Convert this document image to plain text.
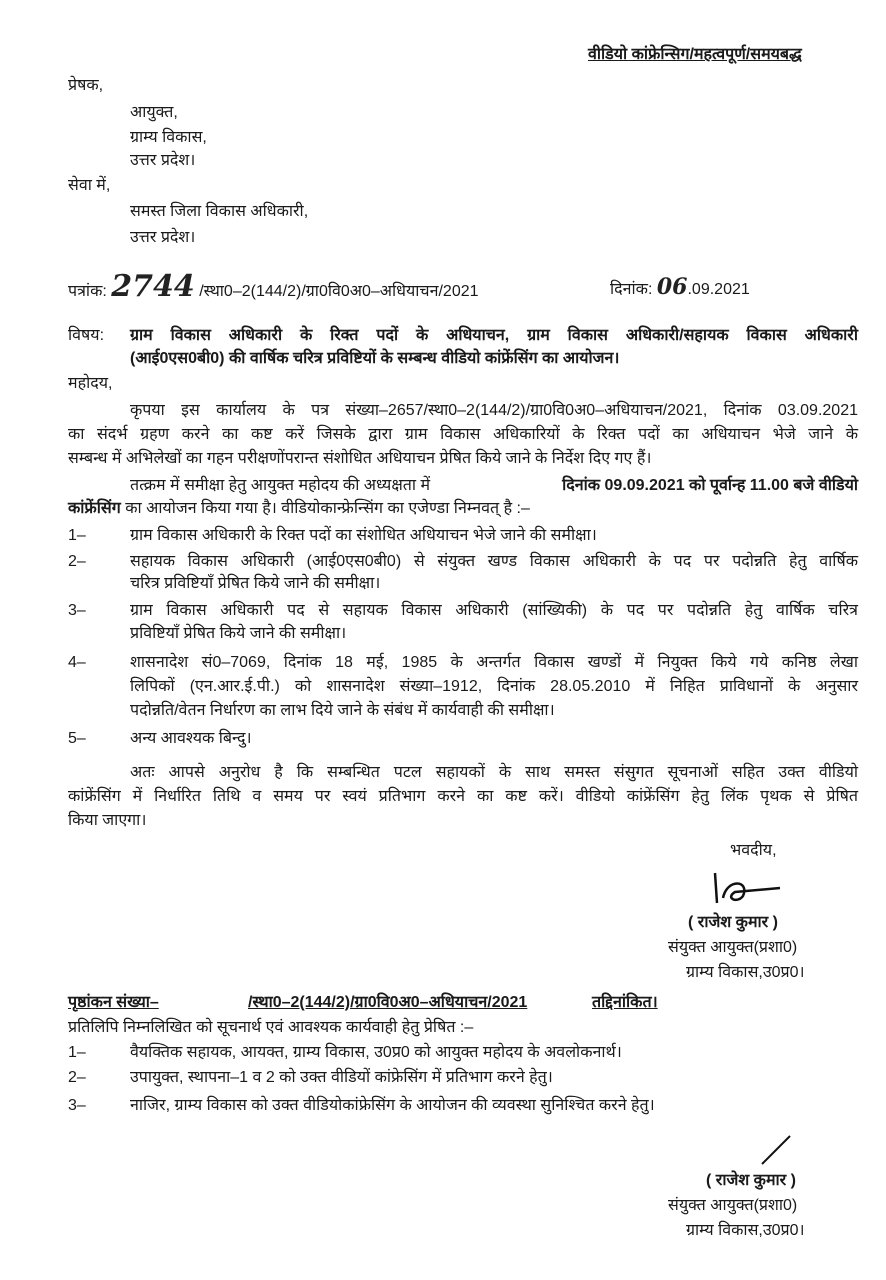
वीडियो कांफ्रेन्सिग/महत्वपूर्ण/समयबद्ध
प्रेषक,
आयुक्त,
ग्राम्य विकास,
उत्तर प्रदेश।
सेवा में,
समस्त जिला विकास अधिकारी,
उत्तर प्रदेश।
पत्रांक: 2744 /स्था0–2(144/2)/ग्रा0वि0अ0–अधियाचन/2021	दिनांक: 06.09.2021
विषय: ग्राम विकास अधिकारी के रिक्त पदों के अधियाचन, ग्राम विकास अधिकारी/सहायक विकास अधिकारी
(आई0एस0बी0) की वार्षिक चरित्र प्रविष्टियों के सम्बन्ध वीडियो कांफ्रेंसिंग का आयोजन।
महोदय,
कृपया इस कार्यालय के पत्र संख्या–2657/स्था0–2(144/2)/ग्रा0वि0अ0–अधियाचन/2021, दिनांक 03.09.2021
का संदर्भ ग्रहण करने का कष्ट करें जिसके द्वारा ग्राम विकास अधिकारियों के रिक्त पदों का अधियाचन भेजे जाने के
सम्बन्ध में अभिलेखों का गहन परीक्षणोंपरान्त संशोधित अधियाचन प्रेषित किये जाने के निर्देश दिए गए हैं।
तत्क्रम में समीक्षा हेतु आयुक्त महोदय की अध्यक्षता में	दिनांक 09.09.2021 को पूर्वान्ह 11.00 बजे वीडियो
कांफ्रेंसिंग का आयोजन किया गया है। वीडियोकान्फ्रेन्सिंग का एजेण्डा निम्नवत् है :–
1–	ग्राम विकास अधिकारी के रिक्त पदों का संशोधित अधियाचन भेजे जाने की समीक्षा।
2–	सहायक विकास अधिकारी (आई0एस0बी0) से संयुक्त खण्ड विकास अधिकारी के पद पर पदोन्नति हेतु वार्षिक
चरित्र प्रविष्टियाँ प्रेषित किये जाने की समीक्षा।
3–	ग्राम विकास अधिकारी पद से सहायक विकास अधिकारी (सांख्यिकी) के पद पर पदोन्नति हेतु वार्षिक चरित्र
प्रविष्टियाँ प्रेषित किये जाने की समीक्षा।
4–	शासनादेश सं0–7069, दिनांक 18 मई, 1985 के अन्तर्गत विकास खण्डों में नियुक्त किये गये कनिष्ठ लेखा
लिपिकों (एन.आर.ई.पी.) को शासनादेश संख्या–1912, दिनांक 28.05.2010 में निहित प्राविधानों के अनुसार
पदोन्नति/वेतन निर्धारण का लाभ दिये जाने के संबंध में कार्यवाही की समीक्षा।
5–	अन्य आवश्यक बिन्दु।
अतः आपसे अनुरोध है कि सम्बन्धित पटल सहायकों के साथ समस्त संसुगत सूचनाओं सहित उक्त वीडियो
कांफ्रेंसिंग में निर्धारित तिथि व समय पर स्वयं प्रतिभाग करने का कष्ट करें। वीडियो कांफ्रेंसिंग हेतु लिंक पृथक से प्रेषित
किया जाएगा।
भवदीय,
( राजेश कुमार )
संयुक्त आयुक्त(प्रशा0)
ग्राम्य विकास,उ0प्र0।
पृष्ठांकन संख्या–	/स्था0–2(144/2)/ग्रा0वि0अ0–अधियाचन/2021	तद्दिनांकित।
प्रतिलिपि निम्नलिखित को सूचनार्थ एवं आवश्यक कार्यवाही हेतु प्रेषित :–
1–	वैयक्तिक सहायक, आयक्त, ग्राम्य विकास, उ0प्र0 को आयुक्त महोदय के अवलोकनार्थ।
2–	उपायुक्त, स्थापना–1 व 2 को उक्त वीडियों कांफ्रेसिंग में प्रतिभाग करने हेतु।
3–	नाजिर, ग्राम्य विकास को उक्त वीडियोकांफ्रेसिंग के आयोजन की व्यवस्था सुनिश्चित करने हेतु।
( राजेश कुमार )
संयुक्त आयुक्त(प्रशा0)
ग्राम्य विकास,उ0प्र0।
